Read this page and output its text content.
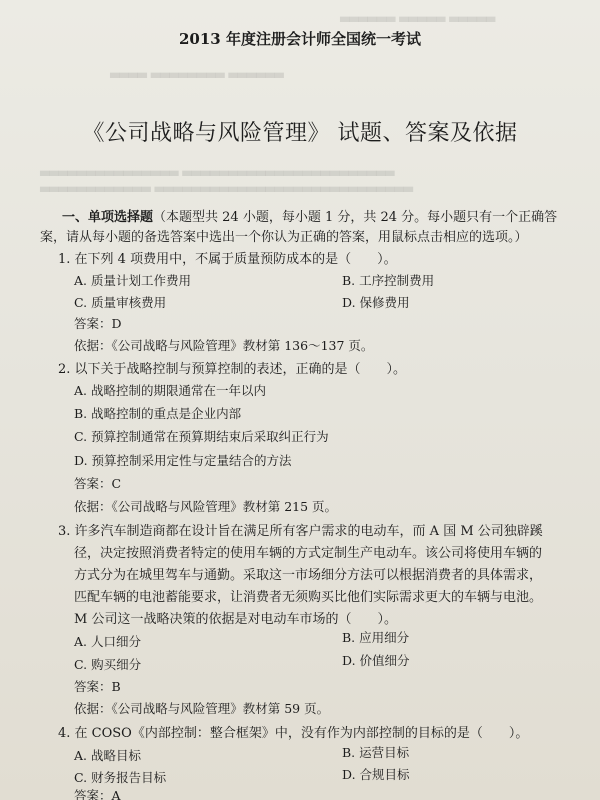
▃▃▃▃▃▃ ▃▃▃▃▃ ▃▃▃▃▃
▃▃▃▃ ▃▃▃▃▃▃▃▃ ▃▃▃▃▃▃
▃▃▃▃▃▃▃▃▃▃▃▃▃▃▃ ▃▃▃▃▃▃▃▃▃▃▃▃▃▃▃▃▃▃▃▃▃▃▃
▃▃▃▃▃▃▃▃▃▃▃▃ ▃▃▃▃▃▃▃▃▃▃▃▃▃▃▃▃▃▃▃▃▃▃▃▃▃▃▃▃
2013 年度注册会计师全国统一考试
《公司战略与风险管理》 试题、答案及依据
一、单项选择题（本题型共 24 小题，每小题 1 分，共 24 分。每小题只有一个正确答
案，请从每小题的备选答案中选出一个你认为正确的答案，用鼠标点击相应的选项。）
1. 在下列 4 项费用中，不属于质量预防成本的是（　　）。
A. 质量计划工作费用	B. 工序控制费用
C. 质量审核费用	D. 保修费用
答案：D
依据：《公司战略与风险管理》教材第 136～137 页。
2. 以下关于战略控制与预算控制的表述，正确的是（　　）。
A. 战略控制的期限通常在一年以内
B. 战略控制的重点是企业内部
C. 预算控制通常在预算期结束后采取纠正行为
D. 预算控制采用定性与定量结合的方法
答案：C
依据：《公司战略与风险管理》教材第 215 页。
3. 许多汽车制造商都在设计旨在满足所有客户需求的电动车，而 A 国 M 公司独辟蹊
径，决定按照消费者特定的使用车辆的方式定制生产电动车。该公司将使用车辆的
方式分为在城里驾车与通勤。采取这一市场细分方法可以根据消费者的具体需求，
匹配车辆的电池蓄能要求，让消费者无须购买比他们实际需求更大的车辆与电池。
M 公司这一战略决策的依据是对电动车市场的（　　）。
A. 人口细分	B. 应用细分
C. 购买细分	D. 价值细分
答案：B
依据：《公司战略与风险管理》教材第 59 页。
4. 在 COSO《内部控制：整合框架》中，没有作为内部控制的目标的是（　　）。
A. 战略目标	B. 运营目标
C. 财务报告目标	D. 合规目标
答案：A
